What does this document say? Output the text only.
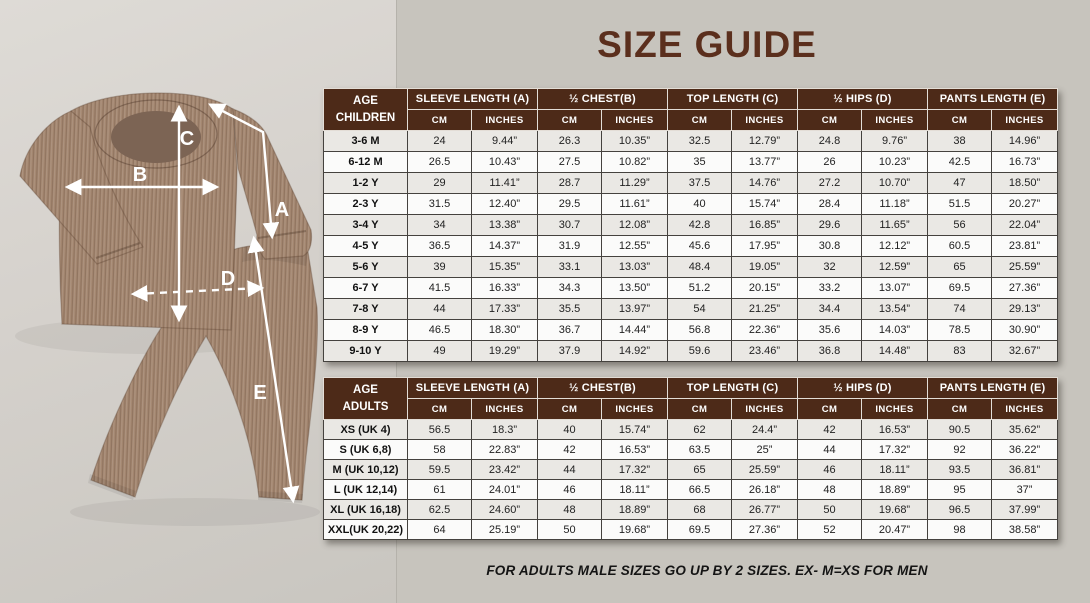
A
B
C
D
E
SIZE GUIDE
AGE
CHILDREN	SLEEVE LENGTH (A)		½ CHEST(B)		TOP LENGTH (C)		½ HIPS (D)		PANTS LENGTH (E)	
	CM	INCHES	CM	INCHES	CM	INCHES	CM	INCHES	CM	INCHES
3-6 M	24	9.44”	26.3	10.35”	32.5	12.79”	24.8	9.76”	38	14.96”
6-12 M	26.5	10.43”	27.5	10.82”	35	13.77”	26	10.23”	42.5	16.73”
1-2 Y	29	11.41”	28.7	11.29”	37.5	14.76”	27.2	10.70”	47	18.50”
2-3 Y	31.5	12.40”	29.5	11.61”	40	15.74”	28.4	11.18”	51.5	20.27”
3-4 Y	34	13.38”	30.7	12.08”	42.8	16.85”	29.6	11.65”	56	22.04”
4-5 Y	36.5	14.37”	31.9	12.55”	45.6	17.95”	30.8	12.12”	60.5	23.81”
5-6 Y	39	15.35”	33.1	13.03”	48.4	19.05”	32	12.59”	65	25.59”
6-7 Y	41.5	16.33”	34.3	13.50”	51.2	20.15”	33.2	13.07”	69.5	27.36”
7-8 Y	44	17.33”	35.5	13.97”	54	21.25”	34.4	13.54”	74	29.13”
8-9 Y	46.5	18.30”	36.7	14.44”	56.8	22.36”	35.6	14.03”	78.5	30.90”
9-10 Y	49	19.29”	37.9	14.92”	59.6	23.46”	36.8	14.48”	83	32.67”
AGE
ADULTS	SLEEVE LENGTH (A)		½ CHEST(B)		TOP LENGTH (C)		½ HIPS (D)		PANTS LENGTH (E)	
	CM	INCHES	CM	INCHES	CM	INCHES	CM	INCHES	CM	INCHES
XS (UK 4)	56.5	18.3”	40	15.74”	62	24.4”	42	16.53”	90.5	35.62”
S (UK 6,8)	58	22.83”	42	16.53”	63.5	25”	44	17.32”	92	36.22”
M (UK 10,12)	59.5	23.42”	44	17.32”	65	25.59”	46	18.11”	93.5	36.81”
L (UK 12,14)	61	24.01”	46	18.11”	66.5	26.18”	48	18.89”	95	37”
XL (UK 16,18)	62.5	24.60”	48	18.89”	68	26.77”	50	19.68”	96.5	37.99”
XXL(UK 20,22)	64	25.19”	50	19.68”	69.5	27.36”	52	20.47”	98	38.58”
FOR ADULTS MALE SIZES GO UP BY 2 SIZES. EX- M=XS FOR MEN
